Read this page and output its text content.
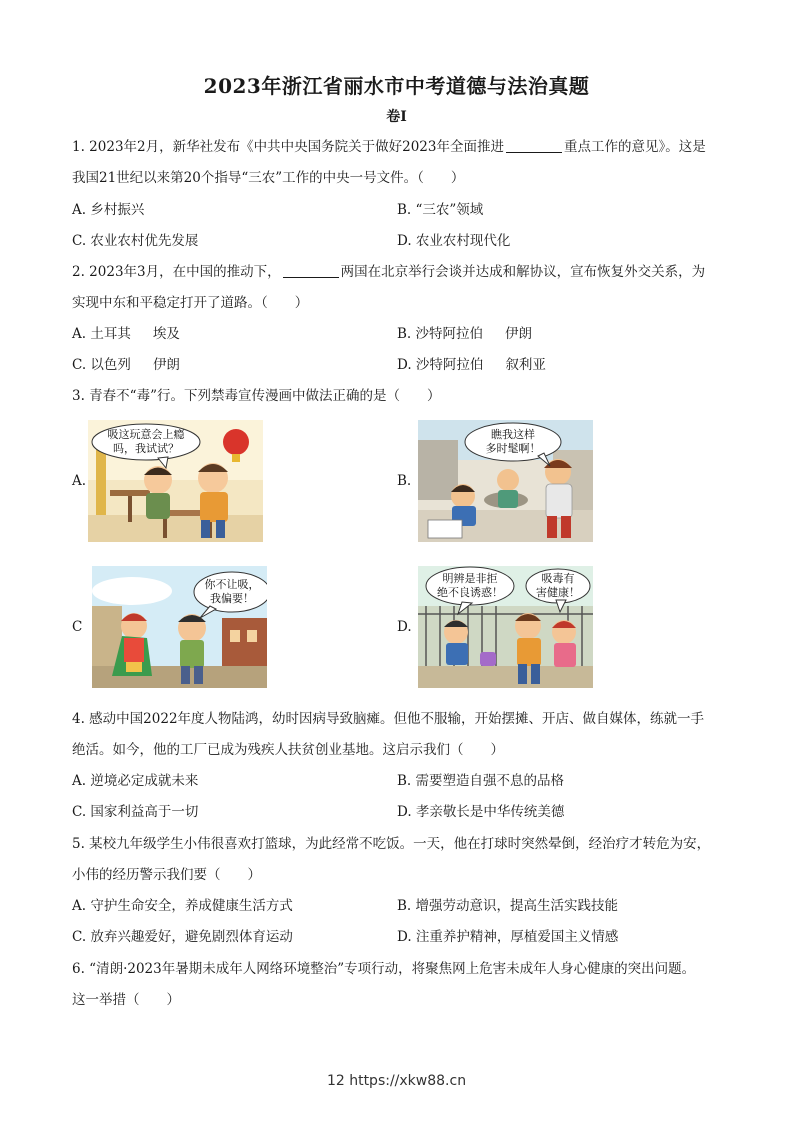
2023年浙江省丽水市中考道德与法治真题
卷I
1. 2023年2月，新华社发布《中共中央国务院关于做好2023年全面推进	重点工作的意见》。这是
我国21世纪以来第20个指导“三农”工作的中央一号文件。（　　）
A. 乡村振兴	B. “三农”领域
C. 农业农村优先发展	D. 农业农村现代化
2. 2023年3月，在中国的推动下，	两国在北京举行会谈并达成和解协议，宣布恢复外交关系，为
实现中东和平稳定打开了道路。（　　）
A. 土耳其 埃及	B. 沙特阿拉伯 伊朗
C. 以色列 伊朗	D. 沙特阿拉伯 叙利亚
3. 青春不“毒”行。下列禁毒宣传漫画中做法正确的是（　　）
A.
吸这玩意会上瘾
吗，我试试？
B.
瞧我这样
多时髦啊！
C
你不让吸，
我偏要！
D.
明辨是非拒
绝不良诱惑！
吸毒有
害健康！
4. 感动中国2022年度人物陆鸿，幼时因病导致脑瘫。但他不服输，开始摆摊、开店、做自媒体，练就一手
绝活。如今，他的工厂已成为残疾人扶贫创业基地。这启示我们（　　）
A. 逆境必定成就未来	B. 需要塑造自强不息的品格
C. 国家利益高于一切	D. 孝亲敬长是中华传统美德
5. 某校九年级学生小伟很喜欢打篮球，为此经常不吃饭。一天，他在打球时突然晕倒，经治疗才转危为安，
小伟的经历警示我们要（　　）
A. 守护生命安全，养成健康生活方式	B. 增强劳动意识，提高生活实践技能
C. 放弃兴趣爱好，避免剧烈体育运动	D. 注重养护精神，厚植爱国主义情感
6. “清朗·2023年暑期未成年人网络环境整治”专项行动，将聚焦网上危害未成年人身心健康的突出问题。
这一举措（　　）
12 https://xkw88.cn
